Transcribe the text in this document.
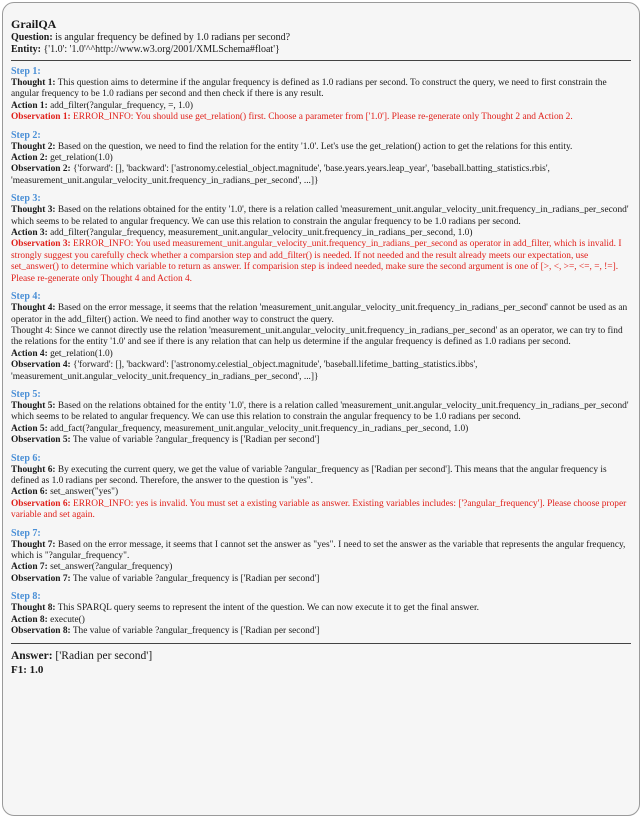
GrailQA
Question: is angular frequency be defined by 1.0 radians per second?
Entity: {'1.0': '1.0'^^http://www.w3.org/2001/XMLSchema#float'}
Step 1:
Thought 1: This question aims to determine if the angular frequency is defined as 1.0 radians per second. To construct the query, we need to first constrain the angular frequency to be 1.0 radians per second and then check if there is any result.
Action 1: add_filter(?angular_frequency, =, 1.0)
Observation 1: ERROR_INFO: You should use get_relation() first. Choose a parameter from ['1.0']. Please re-generate only Thought 2 and Action 2.
Step 2:
Thought 2: Based on the question, we need to find the relation for the entity '1.0'. Let's use the get_relation() action to get the relations for this entity.
Action 2: get_relation(1.0)
Observation 2: {'forward': [], 'backward': ['astronomy.celestial_object.magnitude', 'base.years.years.leap_year', 'baseball.batting_statistics.rbis', 'measurement_unit.angular_velocity_unit.frequency_in_radians_per_second', ...]}
Step 3:
Thought 3: Based on the relations obtained for the entity '1.0', there is a relation called 'measurement_unit.angular_velocity_unit.frequency_in_radians_per_second' which seems to be related to angular frequency. We can use this relation to constrain the angular frequency to be 1.0 radians per second.
Action 3: add_filter(?angular_frequency, measurement_unit.angular_velocity_unit.frequency_in_radians_per_second, 1.0)
Observation 3: ERROR_INFO: You used measurement_unit.angular_velocity_unit.frequency_in_radians_per_second as operator in add_filter, which is invalid. I strongly suggest you carefully check whether a comparsion step and add_filter() is needed. If not needed and the result already meets our expectation, use set_answer() to determine which variable to return as answer. If comparision step is indeed needed, make sure the second argument is one of [>, <, >=, <=, =, !=]. Please re-generate only Thought 4 and Action 4.
Step 4:
Thought 4: Based on the error message, it seems that the relation 'measurement_unit.angular_velocity_unit.frequency_in_radians_per_second' cannot be used as an operator in the add_filter() action. We need to find another way to construct the query.
Thought 4: Since we cannot directly use the relation 'measurement_unit.angular_velocity_unit.frequency_in_radians_per_second' as an operator, we can try to find the relations for the entity '1.0' and see if there is any relation that can help us determine if the angular frequency is defined as 1.0 radians per second.
Action 4: get_relation(1.0)
Observation 4: {'forward': [], 'backward': ['astronomy.celestial_object.magnitude', 'baseball.lifetime_batting_statistics.ibbs', 'measurement_unit.angular_velocity_unit.frequency_in_radians_per_second', ...]}
Step 5:
Thought 5: Based on the relations obtained for the entity '1.0', there is a relation called 'measurement_unit.angular_velocity_unit.frequency_in_radians_per_second' which seems to be related to angular frequency. We can use this relation to constrain the angular frequency to be 1.0 radians per second.
Action 5: add_fact(?angular_frequency, measurement_unit.angular_velocity_unit.frequency_in_radians_per_second, 1.0)
Observation 5: The value of variable ?angular_frequency is ['Radian per second']
Step 6:
Thought 6: By executing the current query, we get the value of variable ?angular_frequency as ['Radian per second']. This means that the angular frequency is defined as 1.0 radians per second. Therefore, the answer to the question is "yes".
Action 6: set_answer("yes")
Observation 6: ERROR_INFO: yes is invalid. You must set a existing variable as answer. Existing variables includes: ['?angular_frequency']. Please choose proper variable and set again.
Step 7:
Thought 7: Based on the error message, it seems that I cannot set the answer as "yes". I need to set the answer as the variable that represents the angular frequency, which is "?angular_frequency".
Action 7: set_answer(?angular_frequency)
Observation 7: The value of variable ?angular_frequency is ['Radian per second']
Step 8:
Thought 8: This SPARQL query seems to represent the intent of the question. We can now execute it to get the final answer.
Action 8: execute()
Observation 8: The value of variable ?angular_frequency is ['Radian per second']
Answer: ['Radian per second']
F1: 1.0
